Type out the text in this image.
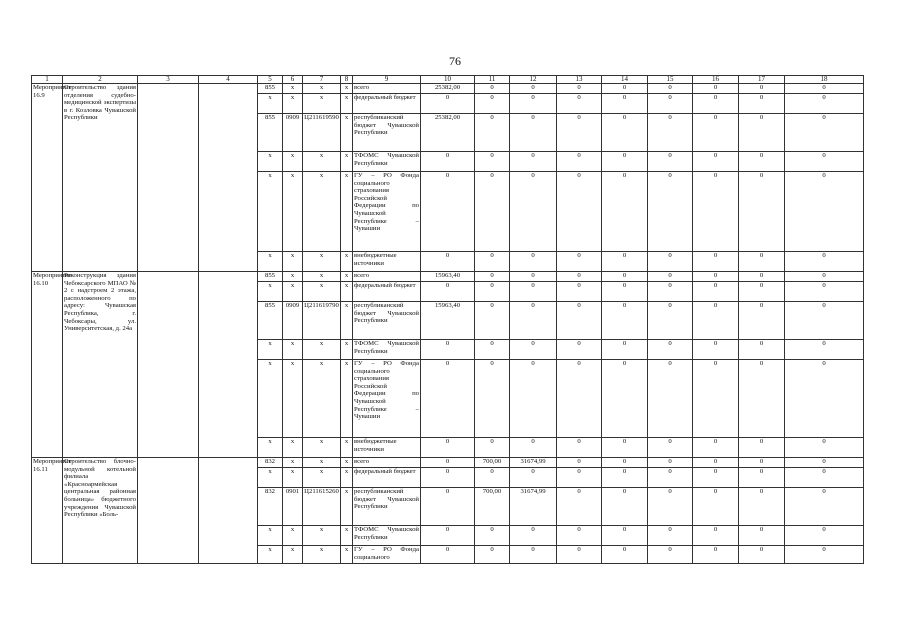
76
1	2	3	4	5	6	7	8	9	10	11	12	13	14	15	16	17	18
Мероприятие 16.9	Строительство здания отделения судебно-медицинской экспертизы в г. Козловка Чувашской Республики			855	x	x	x	всего	25382,00	0	0	0	0	0	0	0	0
				x	x	x	x	федеральный бюджет	0	0	0	0	0	0	0	0	0
				855	0909	Ц211619590	x	республиканский бюджет Чувашской Республики	25382,00	0	0	0	0	0	0	0	0
				x	x	x	x	ТФОМС Чувашской Республики	0	0	0	0	0	0	0	0	0
				x	x	x	x	ГУ – РО Фонда социального страхования Российской Федерации по Чувашской Республике – Чувашии	0	0	0	0	0	0	0	0	0
				x	x	x	x	внебюджетные источники	0	0	0	0	0	0	0	0	0
Мероприятие 16.10	Реконструкция здания Чебоксарского МПАО № 2 с надстроем 2 этажа, расположенного по адресу: Чувашская Республика, г. Чебоксары, ул. Университетская, д. 24а			855	x	x	x	всего	15963,40	0	0	0	0	0	0	0	0
				x	x	x	x	федеральный бюджет	0	0	0	0	0	0	0	0	0
				855	0909	Ц211619790	x	республиканский бюджет Чувашской Республики	15963,40	0	0	0	0	0	0	0	0
				x	x	x	x	ТФОМС Чувашской Республики	0	0	0	0	0	0	0	0	0
				x	x	x	x	ГУ – РО Фонда социального страхования Российской Федерации по Чувашской Республике – Чувашии	0	0	0	0	0	0	0	0	0
				x	x	x	x	внебюджетные источники	0	0	0	0	0	0	0	0	0
Мероприятие 16.11	Строительство блочно-модульной котельной филиала «Красноармейская центральная районная больница» бюджетного учреждения Чувашской Республики «Боль-			832	x	x	x	всего	0	700,00	31674,99	0	0	0	0	0	0
				x	x	x	x	федеральный бюджет	0	0	0	0	0	0	0	0	0
				832	0901	Ц211615260	x	республиканский бюджет Чувашской Республики	0	700,00	31674,99	0	0	0	0	0	0
				x	x	x	x	ТФОМС Чувашской Республики	0	0	0	0	0	0	0	0	0
				x	x	x	x	ГУ – РО Фонда социального	0	0	0	0	0	0	0	0	0
